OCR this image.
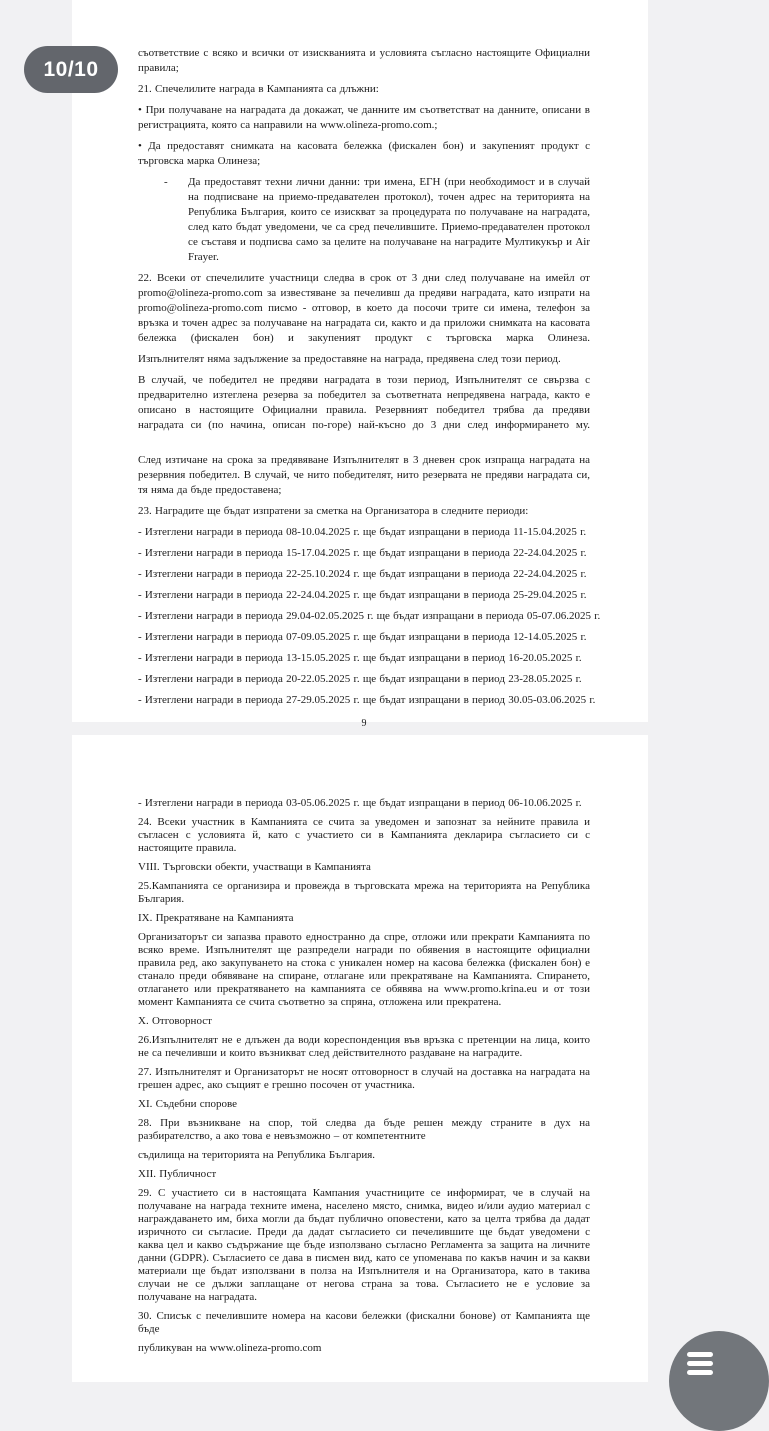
съответствие с всяко и всички от изискванията и условията съгласно настоящите Официални правила;

21. Спечелилите награда в Кампанията са длъжни:

• При получаване на наградата да докажат, че данните им съответстват на данните, описани в регистрацията, която са направили на www.olineza-promo.com.;

• Да предоставят снимката на касовата бележка (фискален бон) и закупеният продукт с търговска марка Олинеза;

- Да предоставят техни лични данни: три имена, ЕГН (при необходимост и в случай на подписване на приемо-предавателен протокол), точен адрес на територията на Република България, които се изискват за процедурата по получаване на наградата, след като бъдат уведомени, че са сред печелившите. Приемо-предавателен протокол се съставя и подписва само за целите на получаване на наградите Мултикукър и Air Frayer.

22. Всеки от спечелилите участници следва в срок от 3 дни след получаване на имейл от promo@olineza-promo.com за известяване за печеливш да предяви наградата, като изпрати на promo@olineza-promo.com писмо - отговор, в което да посочи трите си имена, телефон за връзка и точен адрес за получаване на наградата си, както и да приложи снимката на касовата бележка (фискален бон) и закупеният продукт с търговска марка Олинеза.

Изпълнителят няма задължение за предоставяне на награда, предявена след този период.

В случай, че победител не предяви наградата в този период, Изпълнителят се свързва с предварително изтеглена резерва за победител за съответната непредявена награда, както е описано в настоящите Официални правила. Резервният победител трябва да предяви наградата си (по начина, описан по-горе) най-късно до 3 дни след информирането му.

След изтичане на срока за предявяване Изпълнителят в 3 дневен срок изпраща наградата на резервния победител. В случай, че нито победителят, нито резервата не предяви наградата си, тя няма да бъде предоставена;

23. Наградите ще бъдат изпратени за сметка на Организатора в следните периоди:

- Изтеглени награди в периода 08-10.04.2025 г. ще бъдат изпращани в периода 11-15.04.2025 г.

- Изтеглени награди в периода 15-17.04.2025 г. ще бъдат изпращани в периода 22-24.04.2025 г.

- Изтеглени награди в периода 22-25.10.2024 г. ще бъдат изпращани в периода 22-24.04.2025 г.

- Изтеглени награди в периода 22-24.04.2025 г. ще бъдат изпращани в периода 25-29.04.2025 г.

- Изтеглени награди в периода 29.04-02.05.2025 г. ще бъдат изпращани в периода 05-07.06.2025 г.

- Изтеглени награди в периода 07-09.05.2025 г. ще бъдат изпращани в периода 12-14.05.2025 г.

- Изтеглени награди в периода 13-15.05.2025 г. ще бъдат изпращани в период 16-20.05.2025 г.

- Изтеглени награди в периода 20-22.05.2025 г. ще бъдат изпращани в период 23-28.05.2025 г.

- Изтеглени награди в периода 27-29.05.2025 г. ще бъдат изпращани в период 30.05-03.06.2025 г.

9

- Изтеглени награди в периода 03-05.06.2025 г. ще бъдат изпращани в период 06-10.06.2025 г.

24. Всеки участник в Кампанията се счита за уведомен и запознат за нейните правила и съгласен с условията й, като с участието си в Кампанията декларира съгласието си с настоящите правила.

VIII. Търговски обекти, участващи в Кампанията

25.Кампанията се организира и провежда в търговската мрежа на територията на Република България.

IX. Прекратяване на Кампанията

Организаторът си запазва правото едностранно да спре, отложи или прекрати Кампанията по всяко време. Изпълнителят ще разпредели награди по обявения в настоящите официални правила ред, ако закупуването на стока с уникален номер на касова бележка (фискален бон) е станало преди обявяване на спиране, отлагане или прекратяване на Кампанията. Спирането, отлагането или прекратяването на кампанията се обявява на www.promo.krina.eu и от този момент Кампанията се счита съответно за спряна, отложена или прекратена.

X. Отговорност

26.Изпълнителят не е длъжен да води кореспонденция във връзка с претенции на лица, които не са печеливши и които възникват след действителното раздаване на наградите.

27. Изпълнителят и Организаторът не носят отговорност в случай на доставка на наградата на грешен адрес, ако същият е грешно посочен от участника.

XI. Съдебни спорове

28. При възникване на спор, той следва да бъде решен между страните в дух на разбирателство, а ако това е невъзможно – от компетентните

съдилища на територията на Република България.

XII. Публичност

29. С участието си в настоящата Кампания участниците се информират, че в случай на получаване на награда техните имена, населено място, снимка, видео и/или аудио материал с награждаването им, биха могли да бъдат публично оповестени, като за целта трябва да дадат изричното си съгласие. Преди да дадат съгласието си печелившите ще бъдат уведомени с каква цел и какво съдържание ще бъде използвано съгласно Регламента за защита на личните данни (GDPR). Съгласието се дава в писмен вид, като се упоменава по какъв начин и за какви материали ще бъдат използвани в полза на Изпълнителя и на Организатора, като в такива случаи не се дължи заплащане от негова страна за това. Съгласието не е условие за получаване на наградата.

30. Списък с печелившите номера на касови бележки (фискални бонове) от Кампанията ще бъде

публикуван на www.olineza-promo.com

10/10
